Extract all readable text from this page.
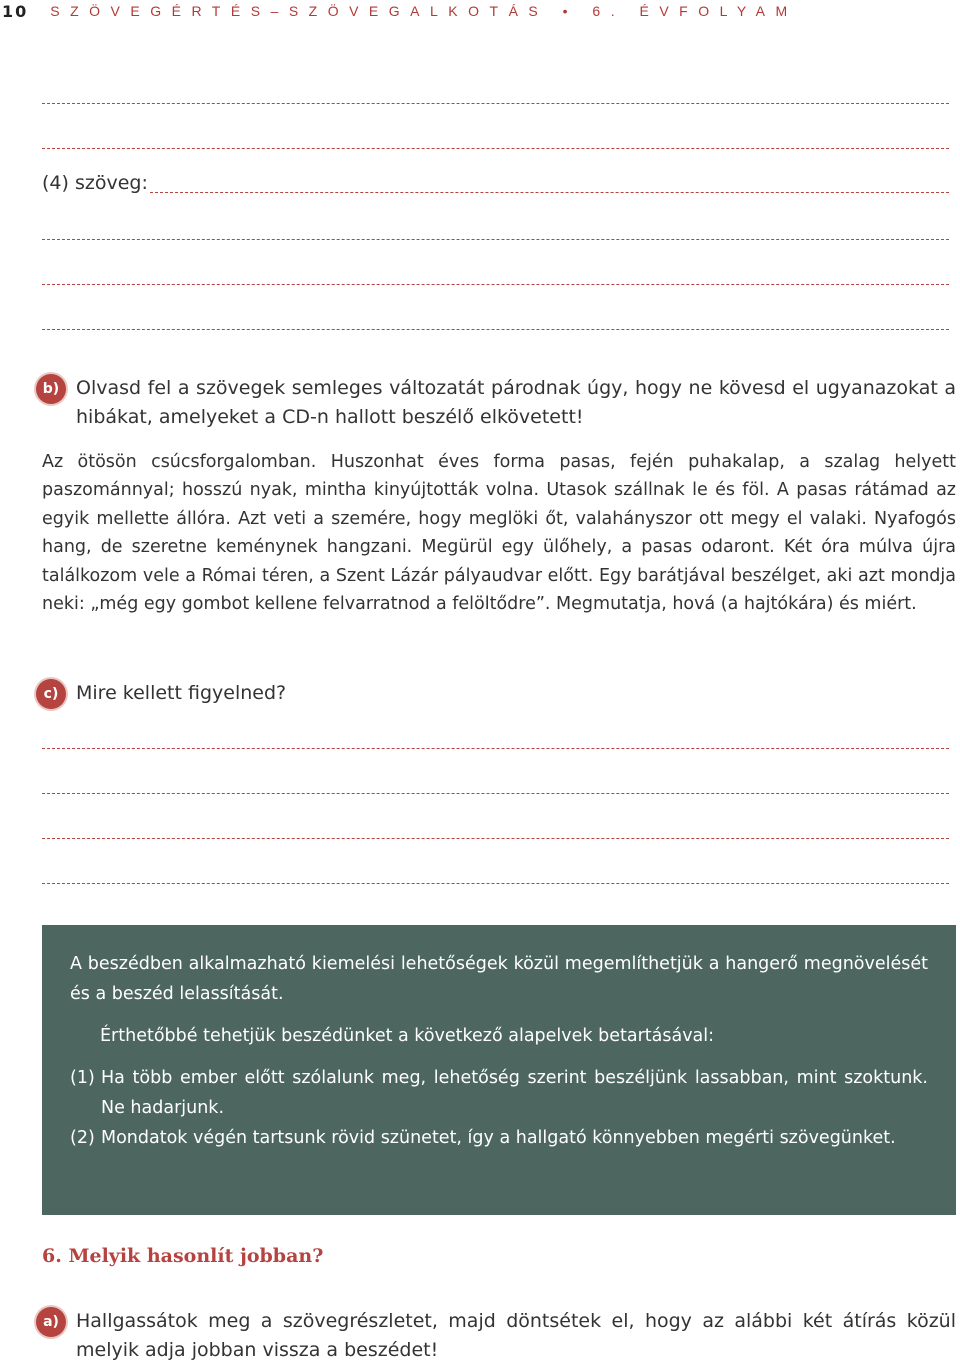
10 SZÖVEGÉRTÉS–SZÖVEGALKOTÁS • 6. ÉVFOLYAM
(4) szöveg:
b) Olvasd fel a szövegek semleges változatát párodnak úgy, hogy ne kövesd el ugyanazokat a hibákat, amelyeket a CD-n hallott beszélő elkövetett!
Az ötösön csúcsforgalomban. Huszonhat éves forma pasas, fején puhakalap, a szalag helyett paszománnyal; hosszú nyak, mintha kinyújtották volna. Utasok szállnak le és föl. A pasas rátámad az egyik mellette állóra. Azt veti a szemére, hogy meglöki őt, valahányszor ott megy el valaki. Nyafogós hang, de szeretne keménynek hangzani. Megürül egy ülőhely, a pasas odaront. Két óra múlva újra találkozom vele a Római téren, a Szent Lázár pályaudvar előtt. Egy barátjával beszélget, aki azt mondja neki: „még egy gombot kellene felvarratnod a felöltődre”. Megmutatja, hová (a hajtókára) és miért.
c) Mire kellett figyelned?

A beszédben alkalmazható kiemelési lehetőségek közül megemlíthetjük a hangerő megnövelését és a beszéd lelassítását.

Érthetőbbé tehetjük beszédünket a következő alapelvek betartásával:

(1) Ha több ember előtt szólalunk meg, lehetőség szerint beszéljünk lassabban, mint szoktunk. Ne hadarjunk.

(2) Mondatok végén tartsunk rövid szünetet, így a hallgató könnyebben megérti szövegünket.

6. Melyik hasonlít jobban?
a) Hallgassátok meg a szövegrészletet, majd döntsétek el, hogy az alábbi két átírás közül melyik adja jobban vissza a beszédet!
